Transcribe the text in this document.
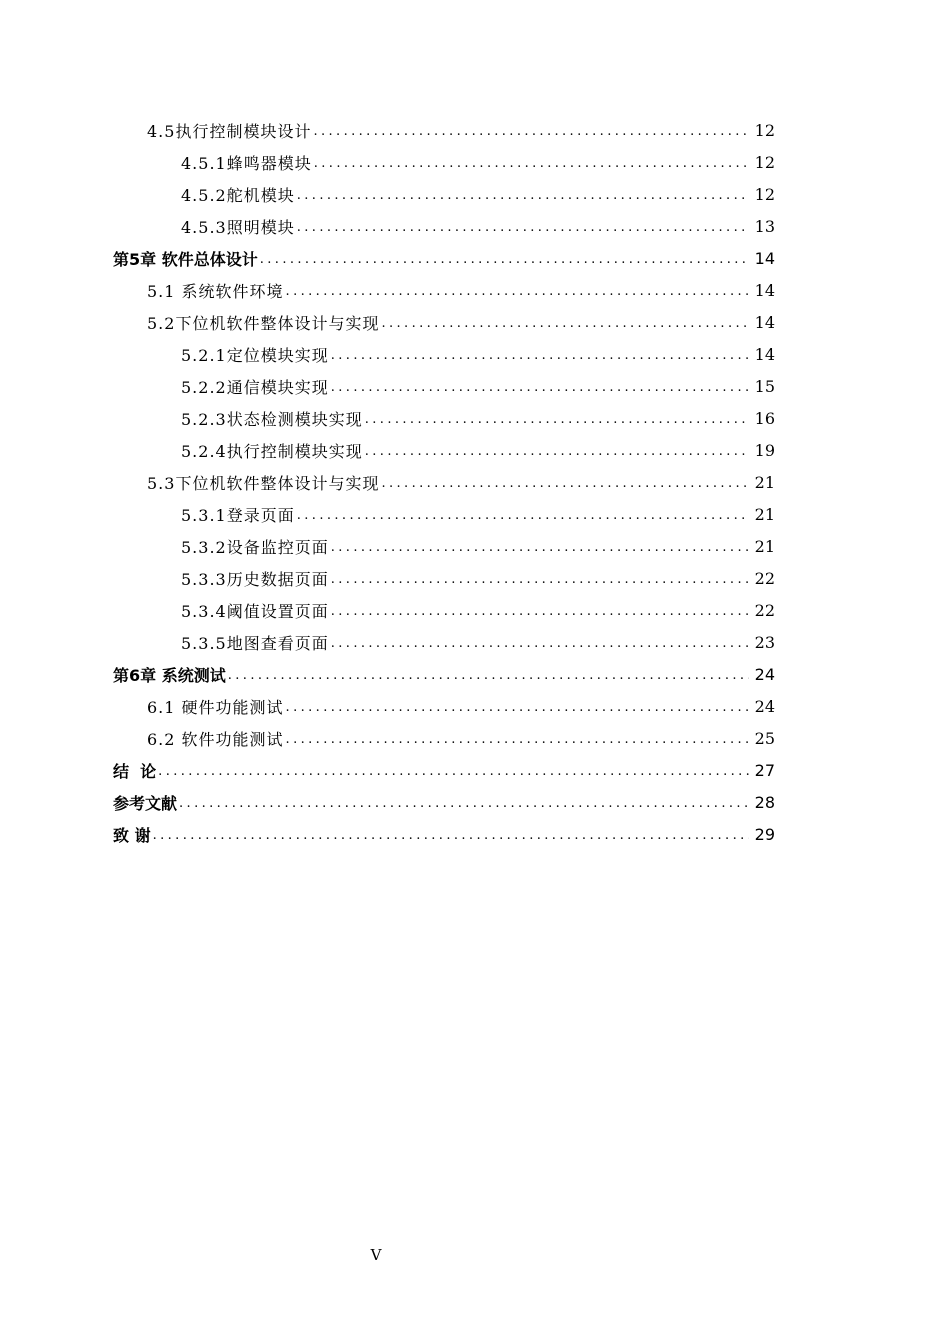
4.5执行控制模块设计 .....	12
4.5.1蜂鸣器模块 .....	12
4.5.2舵机模块 .....	12
4.5.3照明模块 .....	13
第5章 软件总体设计 .....	14
5.1 系统软件环境 .....	14
5.2下位机软件整体设计与实现 .....	14
5.2.1定位模块实现 .....	14
5.2.2通信模块实现 .....	15
5.2.3状态检测模块实现 .....	16
5.2.4执行控制模块实现 .....	19
5.3下位机软件整体设计与实现 .....	21
5.3.1登录页面 .....	21
5.3.2设备监控页面 .....	21
5.3.3历史数据页面 .....	22
5.3.4阈值设置页面 .....	22
5.3.5地图查看页面 .....	23
第6章 系统测试 .....	24
6.1 硬件功能测试 .....	24
6.2 软件功能测试 .....	25
结  论 .....	27
参考文献 .....	28
致 谢 .....	29
V
